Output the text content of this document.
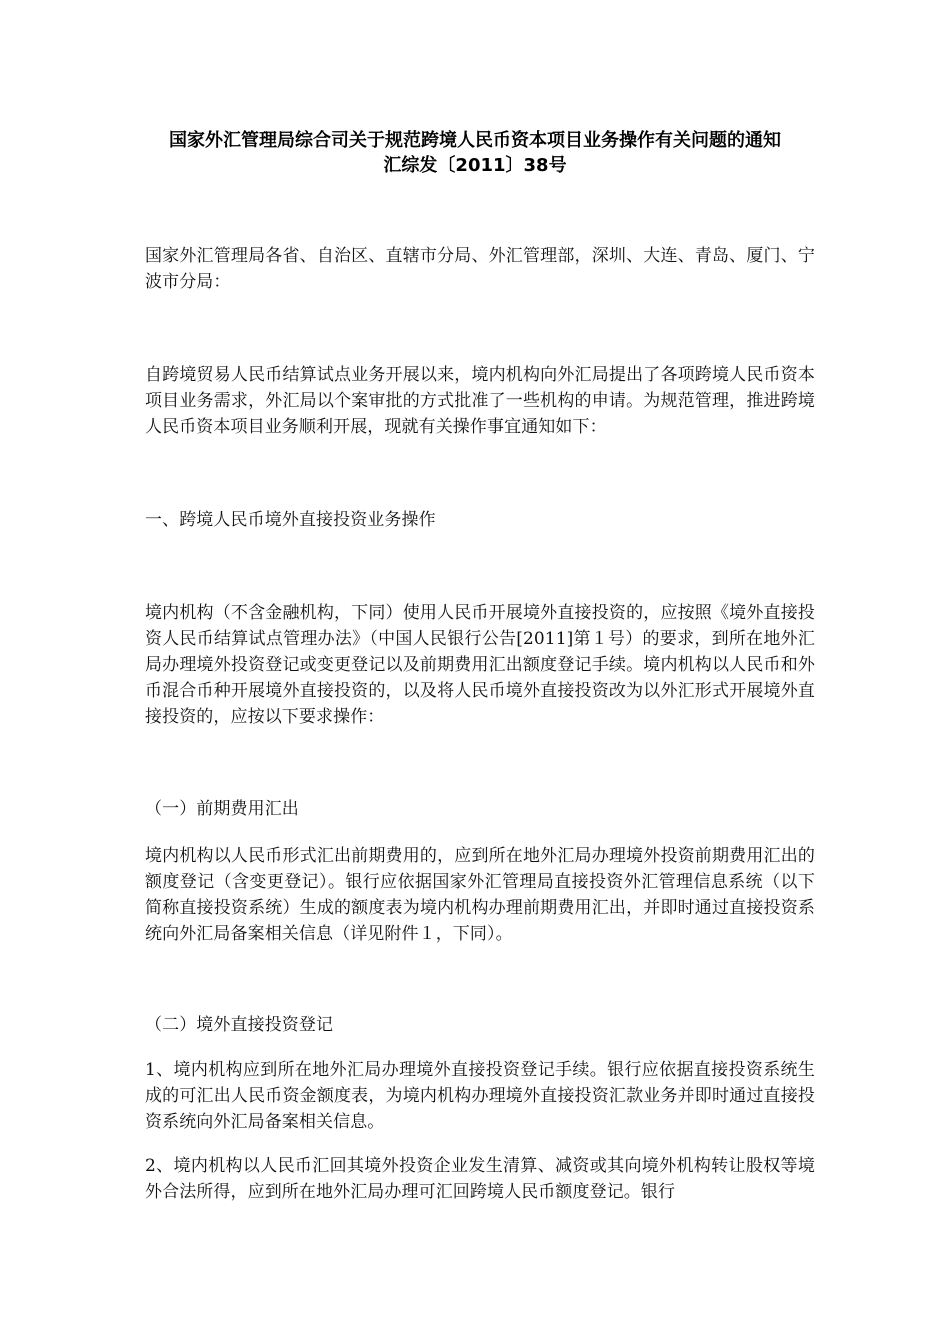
国家外汇管理局综合司关于规范跨境人民币资本项目业务操作有关问题的通知
汇综发〔2011〕38号

国家外汇管理局各省、自治区、直辖市分局、外汇管理部，深圳、大连、青岛、厦门、宁波市分局：

自跨境贸易人民币结算试点业务开展以来，境内机构向外汇局提出了各项跨境人民币资本项目业务需求，外汇局以个案审批的方式批准了一些机构的申请。为规范管理，推进跨境人民币资本项目业务顺利开展，现就有关操作事宜通知如下：

一、跨境人民币境外直接投资业务操作

境内机构（不含金融机构，下同）使用人民币开展境外直接投资的，应按照《境外直接投资人民币结算试点管理办法》（中国人民银行公告[2011]第１号）的要求，到所在地外汇局办理境外投资登记或变更登记以及前期费用汇出额度登记手续。境内机构以人民币和外币混合币种开展境外直接投资的，以及将人民币境外直接投资改为以外汇形式开展境外直接投资的，应按以下要求操作：

（一）前期费用汇出

境内机构以人民币形式汇出前期费用的，应到所在地外汇局办理境外投资前期费用汇出的额度登记（含变更登记）。银行应依据国家外汇管理局直接投资外汇管理信息系统（以下简称直接投资系统）生成的额度表为境内机构办理前期费用汇出，并即时通过直接投资系统向外汇局备案相关信息（详见附件１，下同）。

（二）境外直接投资登记

1、境内机构应到所在地外汇局办理境外直接投资登记手续。银行应依据直接投资系统生成的可汇出人民币资金额度表，为境内机构办理境外直接投资汇款业务并即时通过直接投资系统向外汇局备案相关信息。

2、境内机构以人民币汇回其境外投资企业发生清算、减资或其向境外机构转让股权等境外合法所得，应到所在地外汇局办理可汇回跨境人民币额度登记。银行
